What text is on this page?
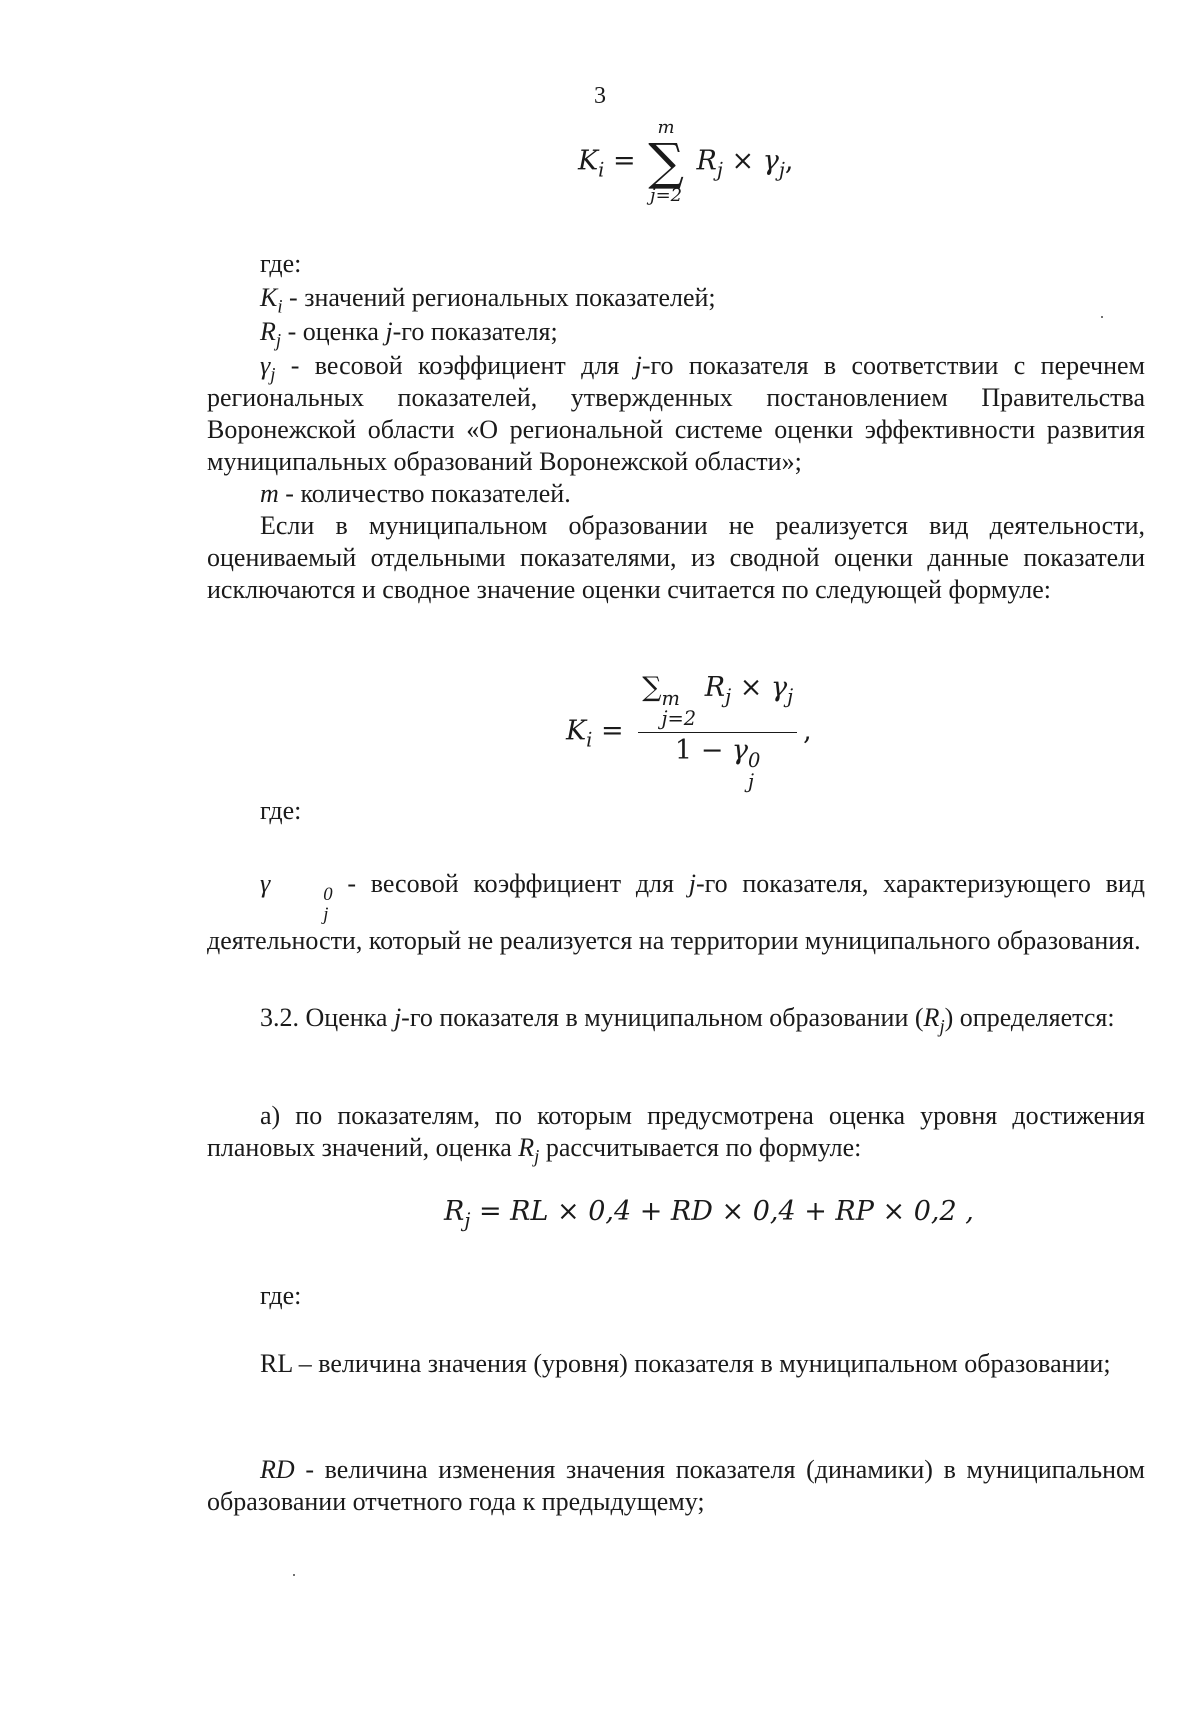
3
$K_i$ =
m
∑
j=2
$R_j \times \gamma_j$,
где:
$K_i$ - значений региональных показателей;
$R_j$ - оценка j-го показателя;
$\gamma_j$ - весовой коэффициент для j-го показателя в соответствии с перечнем региональных показателей, утвержденных постановлением Правительства Воронежской области «О региональной системе оценки эффективности развития муниципальных образований Воронежской области»;
m - количество показателей.
Если в муниципальном образовании не реализуется вид деятельности, оцениваемый отдельными показателями, из сводной оценки данные показатели исключаются и сводное значение оценки считается по следующей формуле:
$K_i$ = ∑ m
j=2
$R_j \times \gamma_j$
1 − γ 0
j ,
где:
γ	0
j
- весовой коэффициент для j-го показателя, характеризующего вид деятельности, который не реализуется на территории муниципального образования.
3.2. Оценка j-го показателя в муниципальном образовании $(R_j)$ определяется:
а) по показателям, по которым предусмотрена оценка уровня достижения плановых значений, оценка $R_j$ рассчитывается по формуле:
$R_j$ = RL × 0,4 + RD × 0,4 + RP × 0,2 ,
где:
RL – величина значения (уровня) показателя в муниципальном образовании;
RD - величина изменения значения показателя (динамики) в муниципальном образовании отчетного года к предыдущему;
